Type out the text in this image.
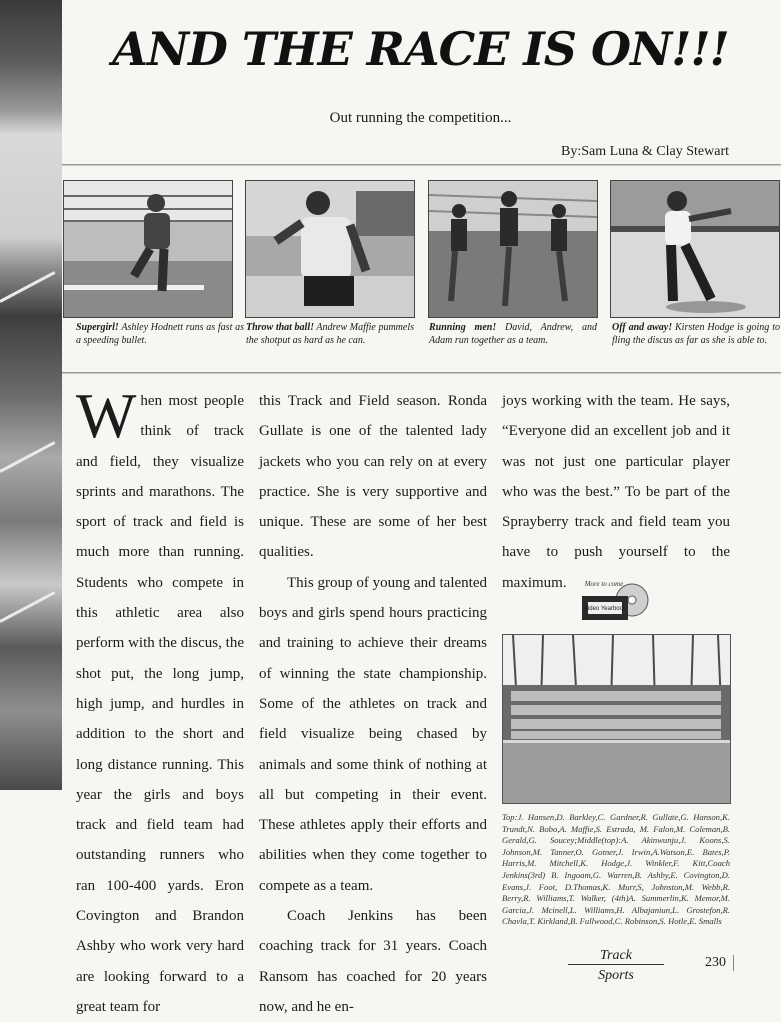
AND THE RACE IS ON!!!
Out running the competition...
By:Sam Luna & Clay Stewart
Supergirl! Ashley Hodnett runs as fast as a speeding bullet.
Throw that ball! Andrew Maffie pummels the shotput as hard as he can.
Running men! David, Andrew, and Adam run together as a team.
Off and away! Kirsten Hodge is going to fling the discus as far as she is able to.

When most people think of track and field, they visualize sprints and marathons. The sport of track and field is much more than running. Students who compete in this athletic area also perform with the discus, the shot put, the long jump, high jump, and hurdles in addition to the short and long distance running. This year the girls and boys track and field team had outstanding runners who ran 100-400 yards. Eron Covington and Brandon Ashby who work very hard are looking forward to a great team for

this Track and Field season. Ronda Gullate is one of the talented lady jackets who you can rely on at every practice. She is very supportive and unique. These are some of her best qualities.

This group of young and talented boys and girls spend hours practicing and training to achieve their dreams of winning the state championship. Some of the athletes on track and field visualize being chased by animals and some think of nothing at all but competing in their event. These athletes apply their efforts and abilities when they come together to compete as a team.

Coach Jenkins has been coaching track for 31 years. Coach Ransom has coached for 20 years now, and he en-

joys working with the team. He says, “Everyone did an excellent job and it was not just one particular player who was the best.” To be part of the Sprayberry track and field team you have to push yourself to the maximum.

Video Yearbook
More to come
Top:J. Hansen,D. Barkley,C. Gardner,R. Gullate,G. Hanson,K. Trundt,N. Bobo,A. Maffie,S. Estrada, M. Falon,M. Coleman,B. Gerald,G. Soucey;Middle(top):A. Akinwunju,J. Koons,S. Johnson,M. Tanner,O. Gotner,J. Irwin,A.Watson,E. Bates,P. Harris,M. Mitchell,K. Hodge,J. Winkler,F. Kitt,Coach Jenkins(3rd) B. Ingoam,G. Warren,B. Ashby,E. Covington,D. Evans,J. Foot, D.Thomas,K. Murr,S, Johnston,M. Webb,R. Berry,R. Williams,T. Walker, (4th)A. Summerlin,K. Memor,M. Garcia,J. Mcinell,L. Williams,H. Albajaniun,L. Grostefon,R. Chavla,T. Kirkland,B. Fullwood,C. Robinson,S. Hotle,E. Smalls
Track
Sports
230
